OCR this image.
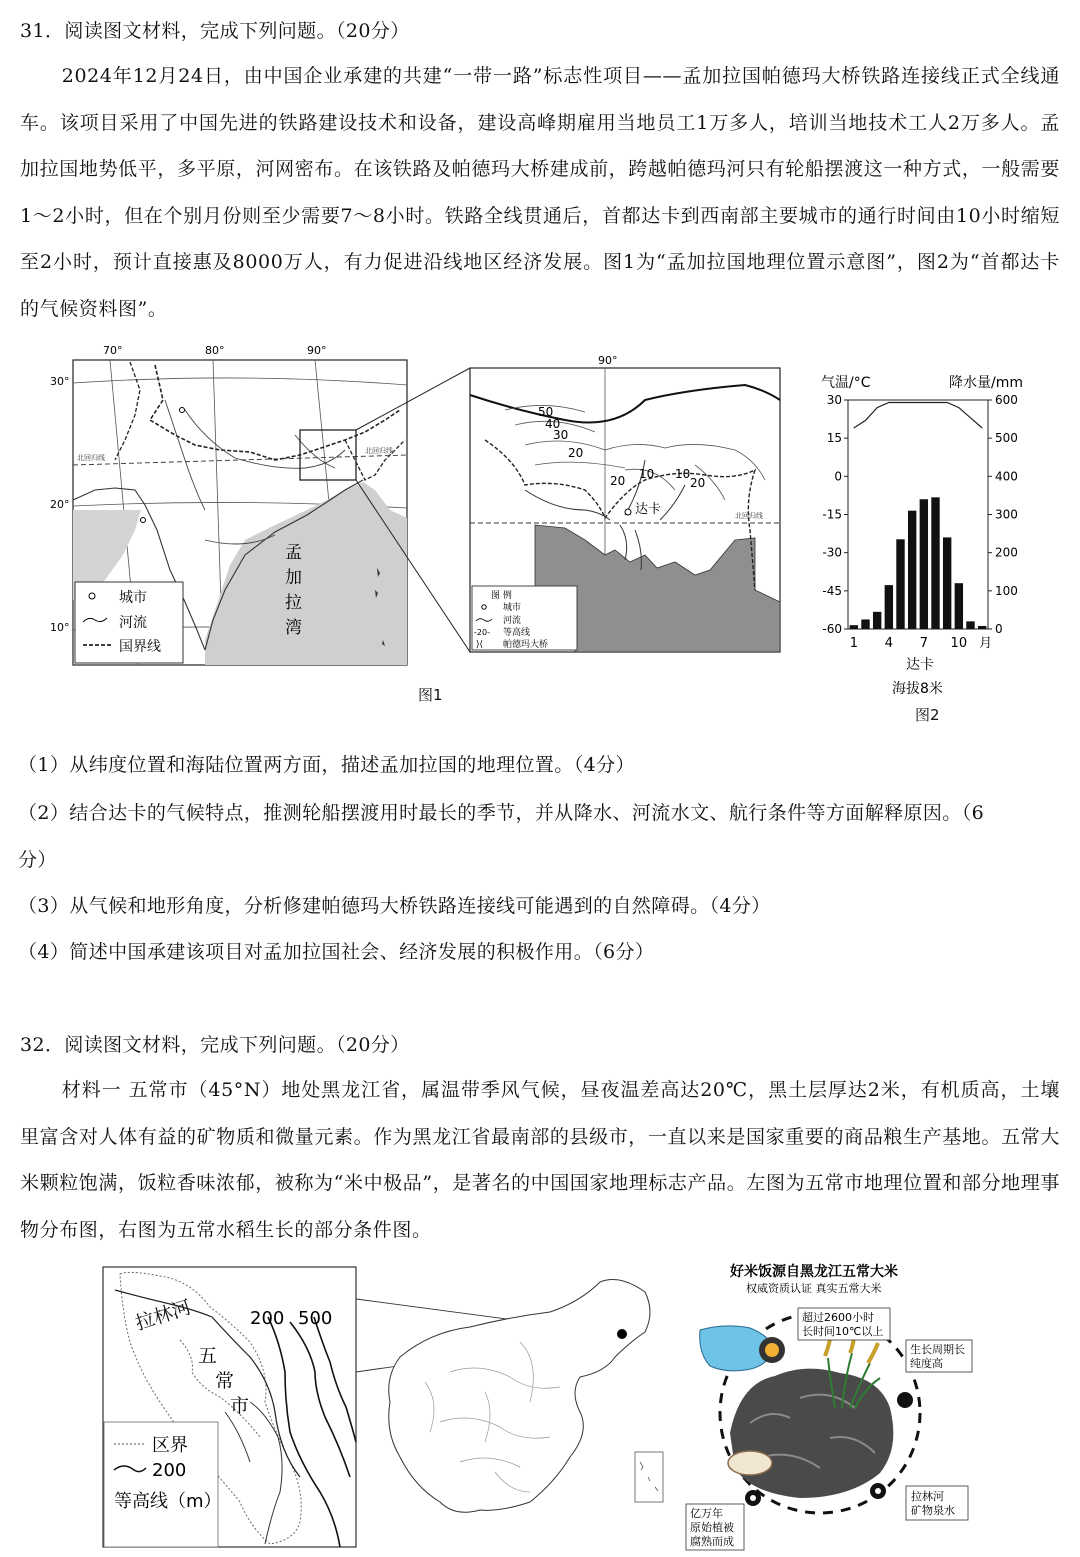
31．阅读图文材料，完成下列问题。（20分）
2024年12月24日，由中国企业承建的共建“一带一路”标志性项目——孟加拉国帕德玛大桥铁路连接线正式全线通车。该项目采用了中国先进的铁路建设技术和设备，建设高峰期雇用当地员工1万多人，培训当地技术工人2万多人。孟加拉国地势低平，多平原，河网密布。在该铁路及帕德玛大桥建成前，跨越帕德玛河只有轮船摆渡这一种方式，一般需要1～2小时，但在个别月份则至少需要7～8小时。铁路全线贯通后，首都达卡到西南部主要城市的通行时间由10小时缩短至2小时，预计直接惠及8000万人，有力促进沿线地区经济发展。图1为“孟加拉国地理位置示意图”，图2为“首都达卡的气候资料图”。
北回归线
北回归线
70°	80°	90°
30°
20°
10°
孟
加
拉
湾
城市
河流
国界线
90°
50
40
30
20
20 10 10
20
达卡	北回归线
图 例
城市
河流
-20- 等高线
⟩⟨ 帕德玛大桥
图1
气温/°C	降水量/mm
30
15
0
-15
-30
-45
-60
600
500
400
300
200
100
0
1 4 7 10 月
达卡
海拔8米
图2
（1）从纬度位置和海陆位置两方面，描述孟加拉国的地理位置。（4分）
（2）结合达卡的气候特点，推测轮船摆渡用时最长的季节，并从降水、河流水文、航行条件等方面解释原因。（6
分）
（3）从气候和地形角度，分析修建帕德玛大桥铁路连接线可能遇到的自然障碍。（4分）
（4）简述中国承建该项目对孟加拉国社会、经济发展的积极作用。（6分）
32．阅读图文材料，完成下列问题。（20分）
材料一 五常市（45°N）地处黑龙江省，属温带季风气候，昼夜温差高达20℃，黑土层厚达2米，有机质高，土壤里富含对人体有益的矿物质和微量元素。作为黑龙江省最南部的县级市，一直以来是国家重要的商品粮生产基地。五常大米颗粒饱满，饭粒香味浓郁，被称为“米中极品”，是著名的中国国家地理标志产品。左图为五常市地理位置和部分地理事物分布图，右图为五常水稻生长的部分条件图。
拉林河	200 500
五
常
市
区界
200
等高线（m）
好米饭源自黑龙江五常大米
权威资质认证 真实五常大米
超过2600小时
长时间10℃以上
生长周期长
纯度高
亿万年
原始植被
腐熟而成
拉林河
矿物泉水
